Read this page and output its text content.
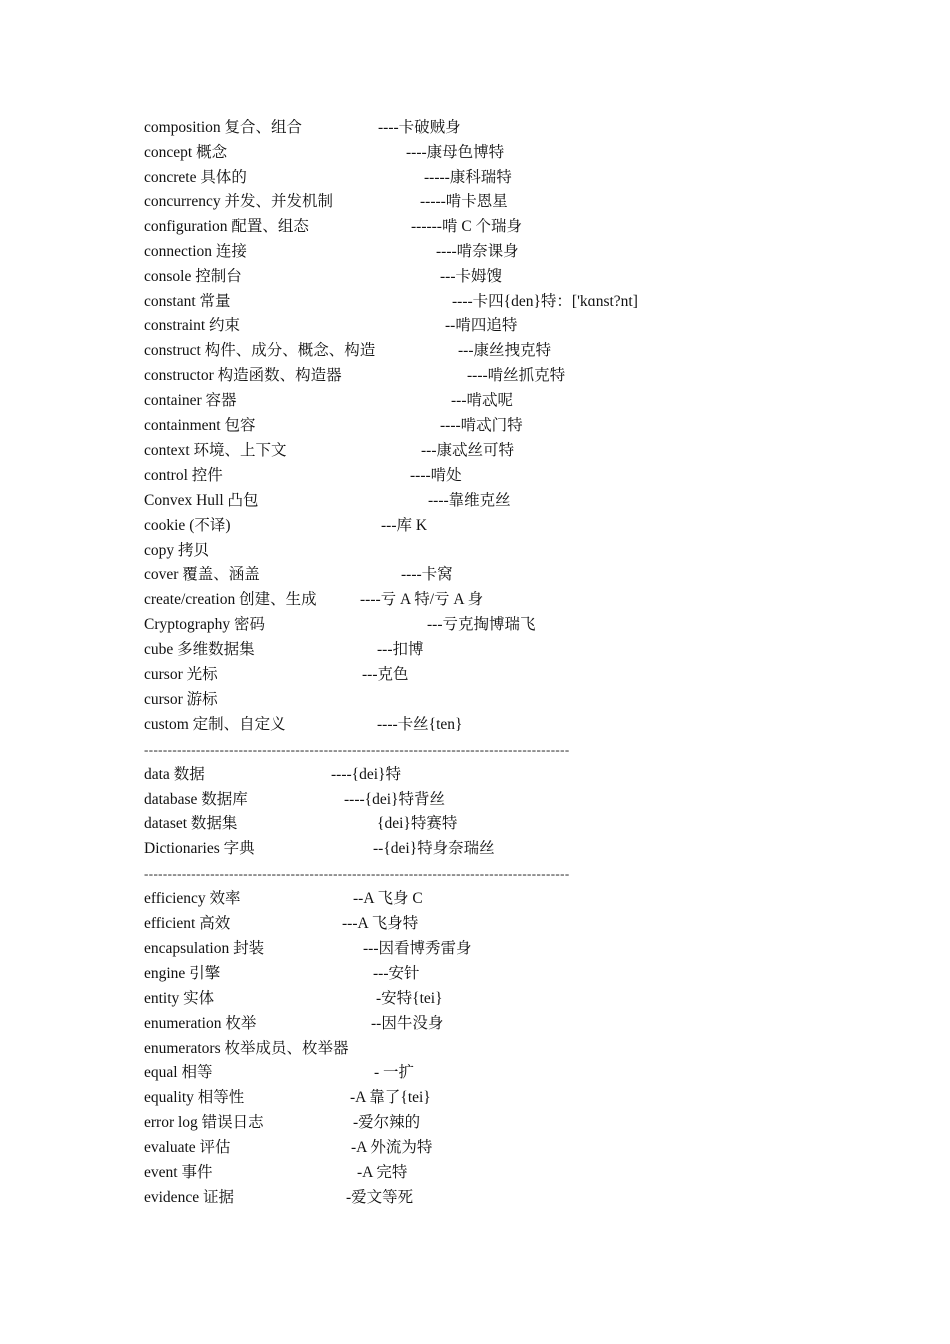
composition 复合、组合	----卡破贼身
concept 概念	----康母色博特
concrete 具体的	-----康科瑞特
concurrency 并发、并发机制	-----啃卡恩星
configuration 配置、组态	------啃 C 个瑞身
connection 连接	----啃奈课身
console 控制台	---卡姆馊
constant 常量	----卡四{den}特：['kɑnst?nt]
constraint 约束	--啃四追特
construct 构件、成分、概念、构造	---康丝拽克特
constructor 构造函数、构造器	----啃丝抓克特
container 容器	---啃忒呢
containment 包容	----啃忒门特
context 环境、上下文	---康忒丝可特
control 控件	----啃处
Convex Hull 凸包	----靠维克丝
cookie (不译)	---库 K
copy 拷贝
cover 覆盖、涵盖	----卡窝
create/creation 创建、生成	----亏 A 特/亏 A 身
Cryptography 密码	---亏克掏博瑞飞
cube 多维数据集	---扣博
cursor 光标	---克色
cursor 游标
custom 定制、自定义	----卡丝{ten}
------------------------------------------------------------------------------------------
data 数据	----{dei}特
database 数据库	----{dei}特背丝
dataset 数据集	{dei}特赛特
Dictionaries 字典	--{dei}特身奈瑞丝
------------------------------------------------------------------------------------------
efficiency 效率	--A 飞身 C
efficient 高效	---A 飞身特
encapsulation 封装	---因看博秀雷身
engine 引擎	---安针
entity 实体	-安特{tei}
enumeration 枚举	--因牛没身
enumerators 枚举成员、枚举器
equal 相等	- 一扩
equality 相等性	-A 靠了{tei}
error log 错误日志	-爱尔辣的
evaluate 评估	-A 外流为特
event 事件	-A 完特
evidence 证据	-爱文等死
